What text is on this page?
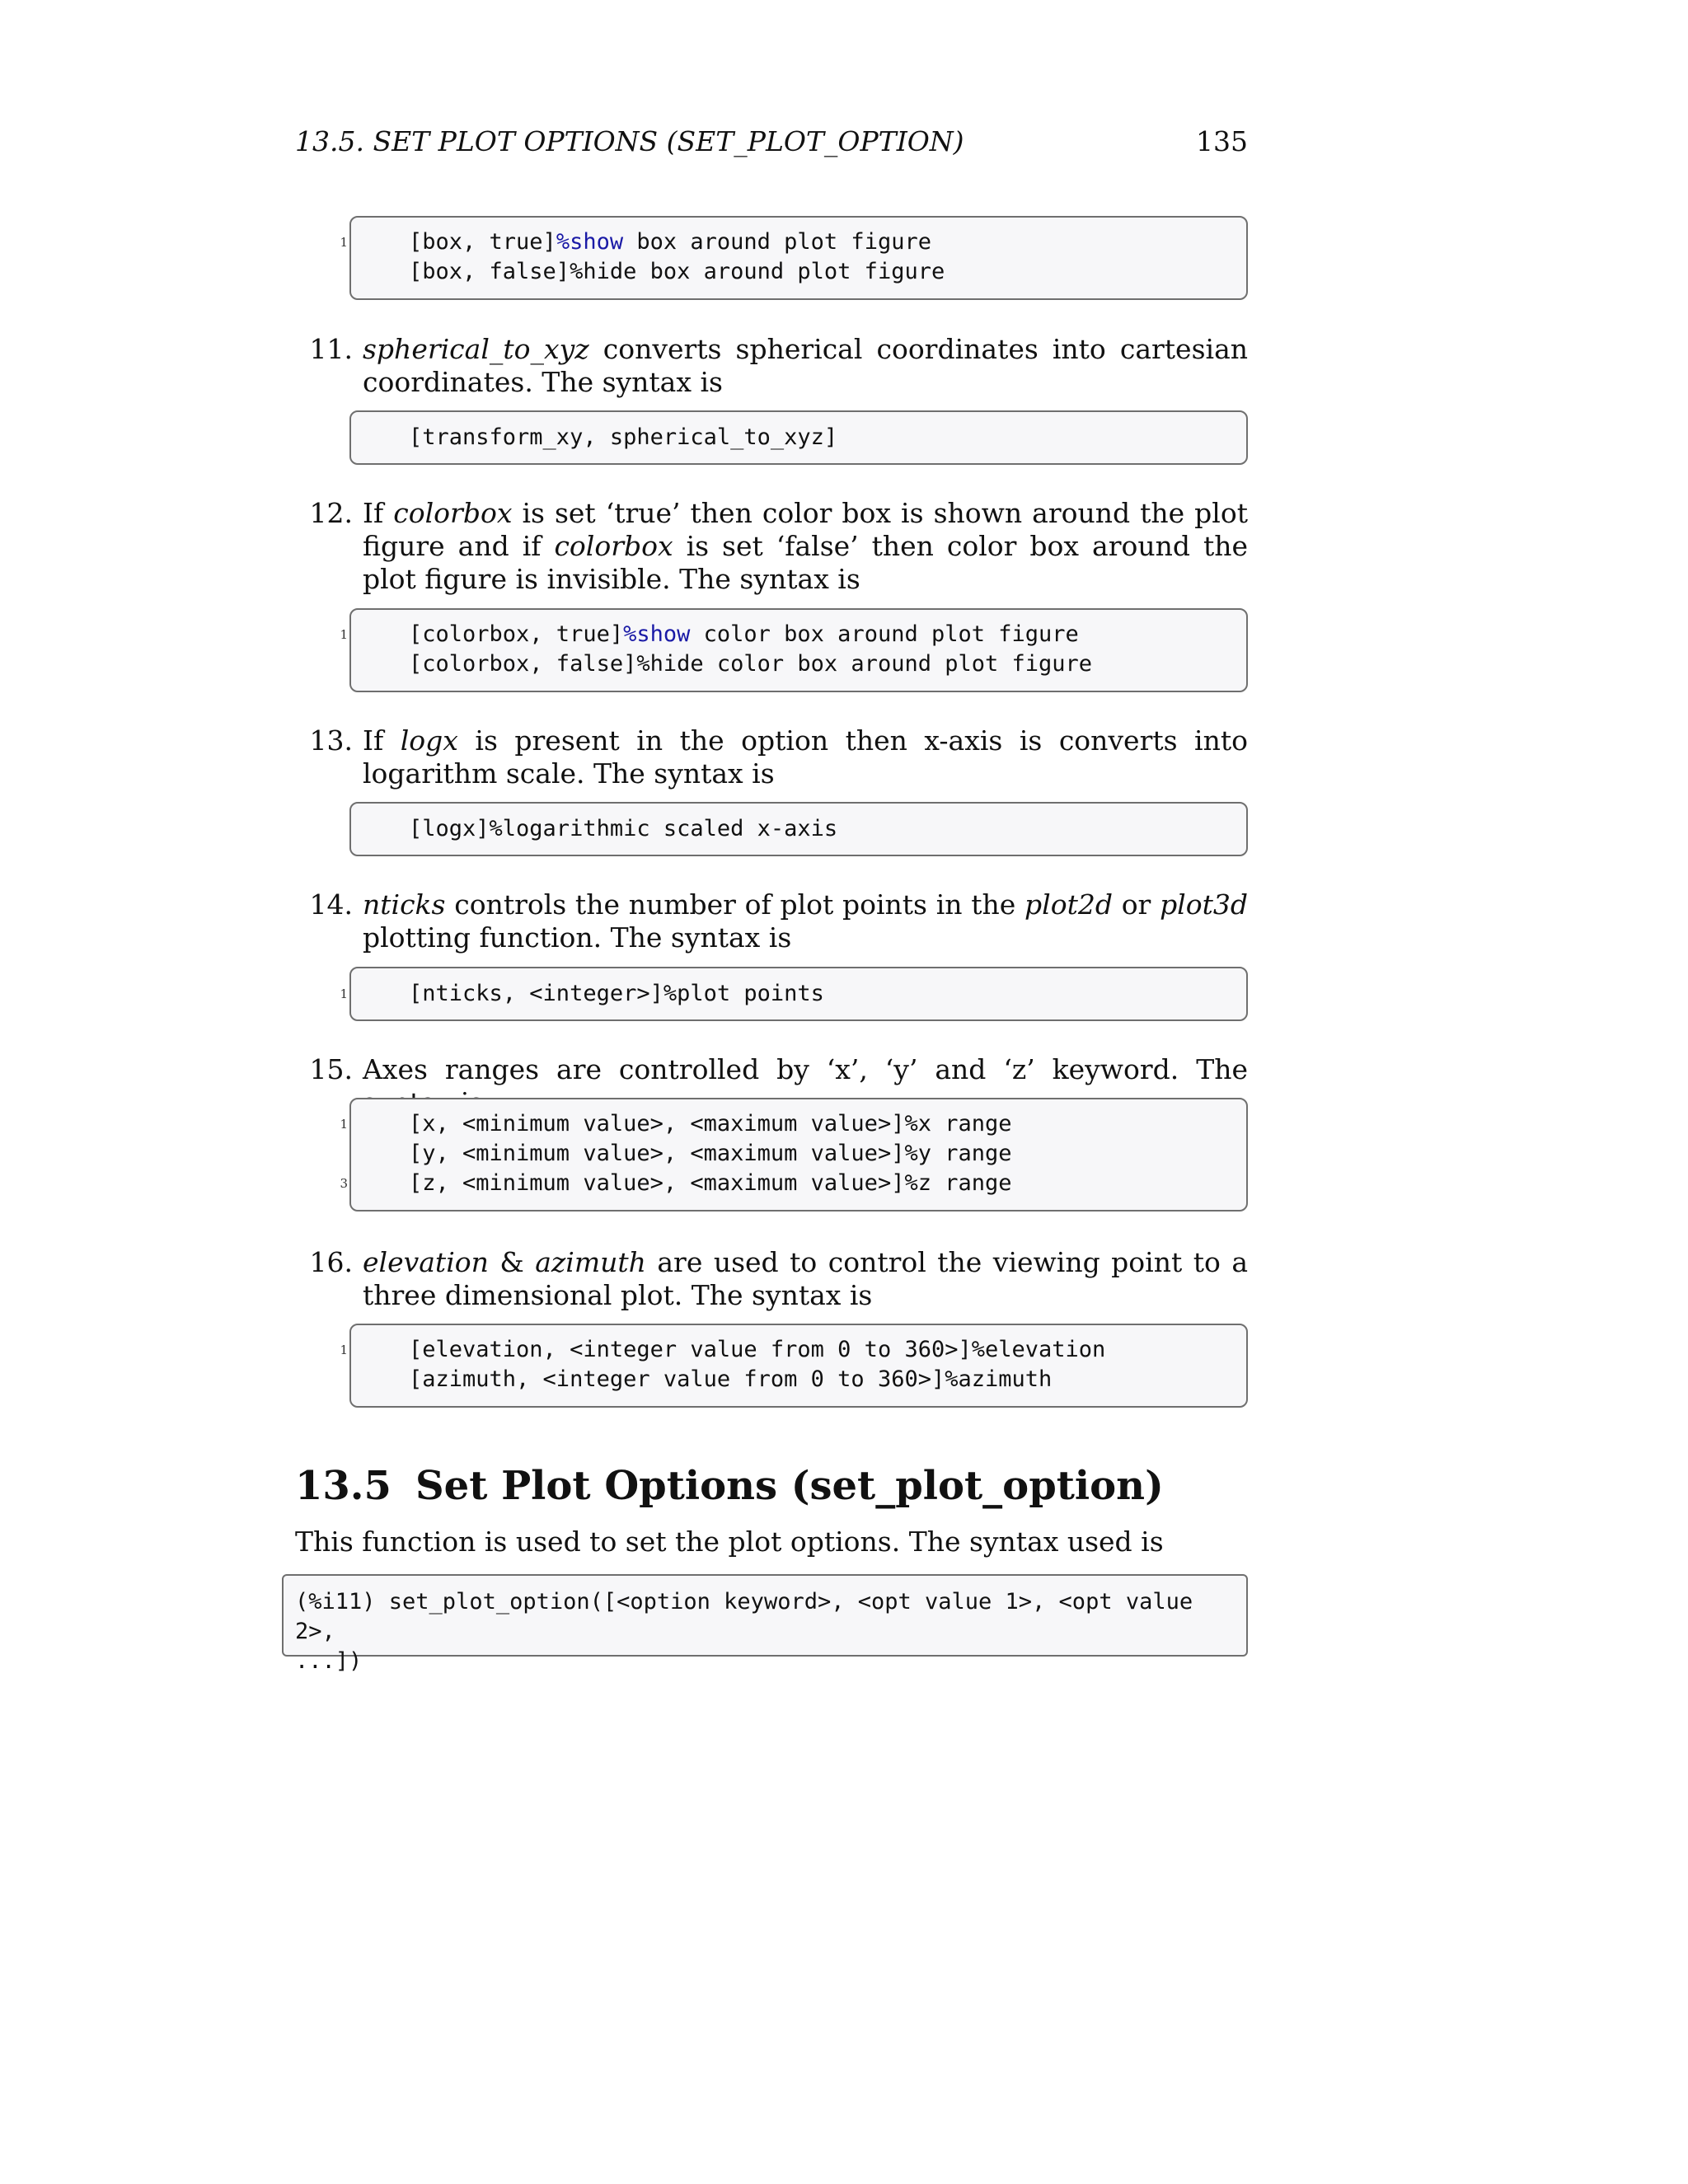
13.5. SET PLOT OPTIONS (SET_PLOT_OPTION)	135
1	[box, true]%show box around plot figure
[box, false]%hide box around plot figure
11. spherical_to_xyz converts spherical coordinates into cartesian coordinates. The syntax is
[transform_xy, spherical_to_xyz]
12. If colorbox is set ‘true’ then color box is shown around the plot figure and if colorbox is set ‘false’ then color box around the plot figure is invisible. The syntax is
1	[colorbox, true]%show color box around plot figure
[colorbox, false]%hide color box around plot figure
13. If logx is present in the option then x-axis is converts into logarithm scale. The syntax is
[logx]%logarithmic scaled x-axis
14. nticks controls the number of plot points in the plot2d or plot3d plotting function. The syntax is
1	[nticks, <integer>]%plot points
15. Axes ranges are controlled by ‘x’, ‘y’ and ‘z’ keyword. The
1
3
[x, <minimum value>, <maximum value>]%x range
[y, <minimum value>, <maximum value>]%y range
[z, <minimum value>, <maximum value>]%z range
16. elevation & azimuth are used to control the viewing point to a three dimensional plot. The syntax is
1	[elevation, <integer value from 0 to 360>]%elevation
[azimuth, <integer value from 0 to 360>]%azimuth
13.5 Set Plot Options (set_plot_option)
This function is used to set the plot options. The syntax used is
(%i11) set_plot_option([<option keyword>, <opt value 1>, <opt value 2>,
...])
